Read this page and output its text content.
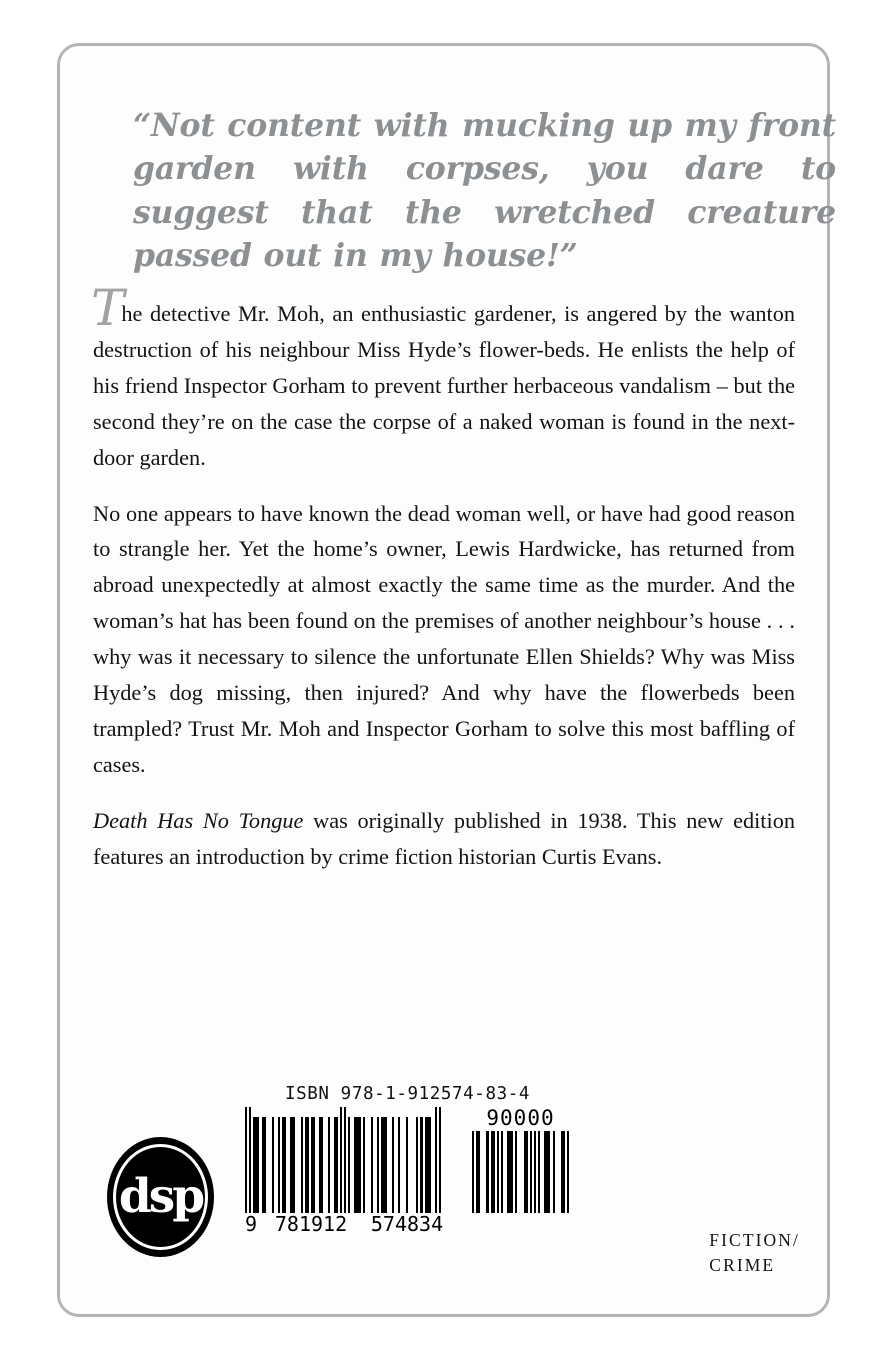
“Not content with mucking up my front garden with corpses, you dare to suggest that the wretched creature passed out in my house!”

The detective Mr. Moh, an enthusiastic gardener, is angered by the wanton destruction of his neighbour Miss Hyde’s flower-beds. He enlists the help of his friend Inspector Gorham to prevent further herbaceous vandalism – but the second they’re on the case the corpse of a naked woman is found in the next-door garden.

No one appears to have known the dead woman well, or have had good reason to strangle her. Yet the home’s owner, Lewis Hardwicke, has returned from abroad unexpectedly at almost exactly the same time as the murder. And the woman’s hat has been found on the premises of another neighbour’s house . . . why was it necessary to silence the unfortunate Ellen Shields? Why was Miss Hyde’s dog missing, then injured? And why have the flowerbeds been trampled? Trust Mr. Moh and Inspector Gorham to solve this most baffling of cases.

Death Has No Tongue was originally published in 1938. This new edition features an introduction by crime fiction historian Curtis Evans.

dsp
ISBN 978-1-912574-83-4
9 781912	574834
90000
FICTION/
CRIME
